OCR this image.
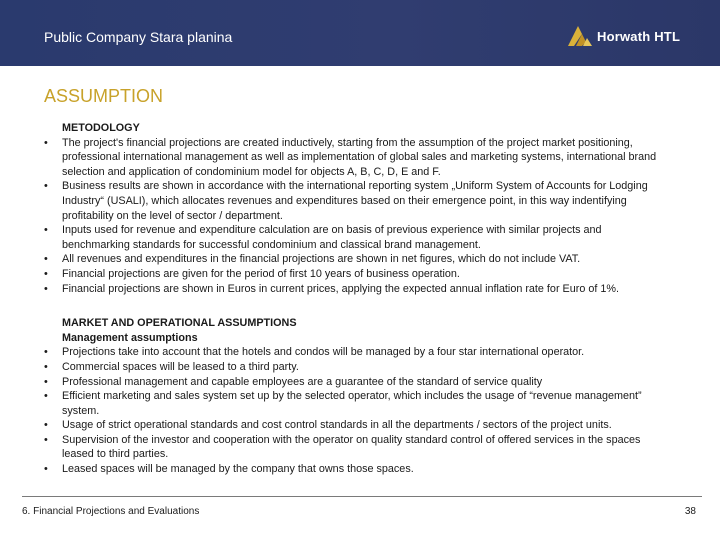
Public Company Stara planina	Horwath HTL
ASSUMPTION
METODOLOGY
• The project's financial projections are created inductively, starting from the assumption of the project market positioning, professional international management as well as implementation of global sales and marketing systems, international brand selection and application of condominium model for objects A, B, C, D, E and F.
• Business results are shown in accordance with the international reporting system „Uniform System of Accounts for Lodging Industry“ (USALI), which allocates revenues and expenditures based on their emergence point, in this way indentifying profitability on the level of sector / department.
• Inputs used for revenue and expenditure calculation are on basis of previous experience with similar projects and benchmarking standards for successful condominium and classical brand management.
• All revenues and expenditures in the financial projections are shown in net figures, which do not include VAT.
• Financial projections are given for the period of first 10 years of business operation.
• Financial projections are shown in Euros in current prices, applying the expected annual inflation rate for Euro of 1%.
MARKET AND OPERATIONAL ASSUMPTIONS
Management assumptions
• Projections take into account that the hotels and condos will be managed by a four star international operator.
• Commercial spaces will be leased to a third party.
• Professional management and capable employees are a guarantee of the standard of service quality
• Efficient marketing and sales system set up by the selected operator, which includes the usage of “revenue management” system.
• Usage of strict operational standards and cost control standards in all the departments / sectors of the project units.
• Supervision of the investor and cooperation with the operator on quality standard control of offered services in the spaces leased to third parties.
• Leased spaces will be managed by the company that owns those spaces.
6. Financial Projections and Evaluations	38
